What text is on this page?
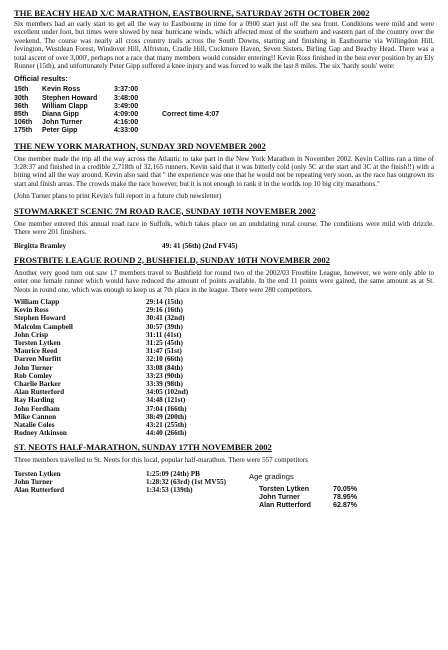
THE BEACHY HEAD X/C MARATHON, EASTBOURNE, SATURDAY 26TH OCTOBER 2002

Six members had an early start to get all the way to Eastbourne in time for a 0900 start just off the sea front. Conditions were mild and were excellent under foot, but times were slowed by near hurricane winds, which affected most of the southern and eastern part of the country over the weekend. The course was nearly all cross country trails across the South Downs, starting and finishing in Eastbourne via Willingdon Hill, Jevington, Westdean Forest, Windover Hill, Alfriston, Cradle Hill, Cuckmere Haven, Seven Sisters, Birling Gap and Beachy Head. There was a total ascent of over 3,000', perhaps not a race that many members would consider entering!! Kevin Ross finished in the best ever position by an Ely Runner (15th), and unfortunately Peter Gipp suffered a knee injury and was forced to walk the last 8 miles. The six 'hardy souls' were:

Official results:
15th	Kevin Ross	3:37:00
30th	Stephen Howard	3:48:00
36th	William Clapp	3:49:00
85th	Diana Gipp	4:09:00	Correct time 4:07
106th	John Turner	4:16:00
175th	Peter Gipp	4:33:00
THE NEW YORK MARATHON, SUNDAY 3RD NOVEMBER 2002

One member made the trip all the way across the Atlantic to take part in the New York Marathon in November 2002. Kevin Collins ran a time of 3:28:37 and finished in a credible 2,718th of 32,165 runners. Kevin said that it was bitterly cold (only 5C at the start and 3C at the finish!!) with a biting wind all the way around. Kevin also said that " the experience was one that he would not be repeating very soon, as the race has outgrown its start and finish areas. The crowds make the race however, but it is not enough to rank it in the worlds top 10 big city marathons."

(John Turner plans to print Kevin's full report in a future club newsletter)

STOWMARKET SCENIC 7M ROAD RACE, SUNDAY 10TH NOVEMBER 2002

One member entered this annual road race in Suffolk, which takes place on an undulating rural course. The conditions were mild with drizzle. There were 201 finishers.

Birgitta Bramley	49: 41 (56th) (2nd FV45)
FROSTBITE LEAGUE ROUND 2, BUSHFIELD, SUNDAY 10TH NOVEMBER 2002

Another very good turn out saw 17 members travel to Bushfield for round two of the 2002/03 Frostbite League, however, we were only able to enter one female runner which would have reduced the amount of points available. In the end 11 points were gained, the same amount as at St. Neots in round one, which was enough to keep us at 7th place in the league. There were 280 competitors.

William Clapp	29:14 (15th)
Kevin Ross	29:16 (16th)
Stephen Howard	30:41 (32nd)
Malcolm Campbell	30:57 (39th)
John Crisp	31:11 (41st)
Torsten Lytken	31:25 (45th)
Maurice Reed	31:47 (51st)
Darren Murfitt	32:10 (66th)
John Turner	33:08 (84th)
Rob Comley	33:23 (90th)
Charlie Barker	33:39 (98th)
Alan Rutterford	34:05 (102nd)
Ray Harding	34:48 (121st)
John Fordham	37:04 (166th)
Mike Cannon	38:49 (200th)
Natalie Coles	43:21 (255th)
Rodney Atkinson	44:40 (266th)
ST. NEOTS HALF-MARATHON, SUNDAY 17TH NOVEMBER 2002

Three members travelled to St. Neots for this local, popular half-marathon. There were 557 competitors

Torsten Lytken	1:25:09 (24th) PB
John Turner	1:28:32 (63rd) (1st MV55)
Alan Rutterford	1:34:53 (139th)
Age gradings
Torsten Lytken	70.05%
John Turner	78.95%
Alan Rutterford	62.87%
